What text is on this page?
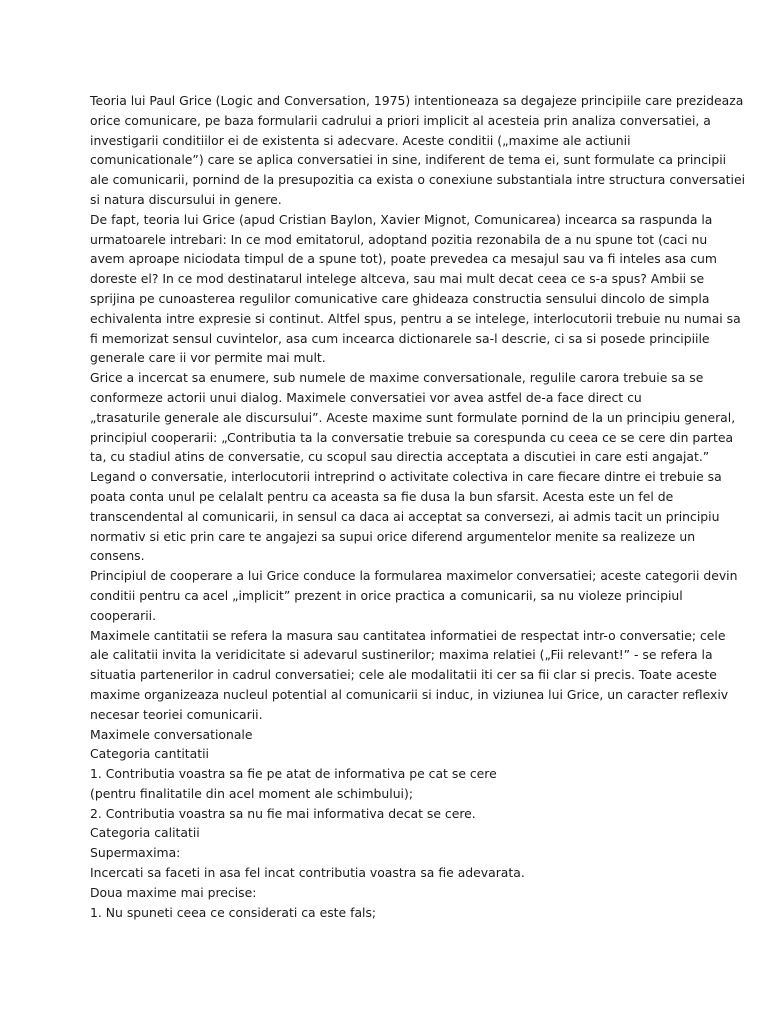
Teoria lui Paul Grice (Logic and Conversation, 1975) intentioneaza sa degajeze principiile care prezideaza
orice comunicare, pe baza formularii cadrului a priori implicit al acesteia prin analiza conversatiei, a
investigarii conditiilor ei de existenta si adecvare. Aceste conditii („maxime ale actiunii
comunicationale”) care se aplica conversatiei in sine, indiferent de tema ei, sunt formulate ca principii
ale comunicarii, pornind de la presupozitia ca exista o conexiune substantiala intre structura conversatiei
si natura discursului in genere.
De fapt, teoria lui Grice (apud Cristian Baylon, Xavier Mignot, Comunicarea) incearca sa raspunda la
urmatoarele intrebari: In ce mod emitatorul, adoptand pozitia rezonabila de a nu spune tot (caci nu
avem aproape niciodata timpul de a spune tot), poate prevedea ca mesajul sau va fi inteles asa cum
doreste el? In ce mod destinatarul intelege altceva, sau mai mult decat ceea ce s-a spus? Ambii se
sprijina pe cunoasterea regulilor comunicative care ghideaza constructia sensului dincolo de simpla
echivalenta intre expresie si continut. Altfel spus, pentru a se intelege, interlocutorii trebuie nu numai sa
fi memorizat sensul cuvintelor, asa cum incearca dictionarele sa-l descrie, ci sa si posede principiile
generale care ii vor permite mai mult.
Grice a incercat sa enumere, sub numele de maxime conversationale, regulile carora trebuie sa se
conformeze actorii unui dialog. Maximele conversatiei vor avea astfel de-a face direct cu
„trasaturile generale ale discursului”. Aceste maxime sunt formulate pornind de la un principiu general,
principiul cooperarii: „Contributia ta la conversatie trebuie sa corespunda cu ceea ce se cere din partea
ta, cu stadiul atins de conversatie, cu scopul sau directia acceptata a discutiei in care esti angajat.”
Legand o conversatie, interlocutorii intreprind o activitate colectiva in care fiecare dintre ei trebuie sa
poata conta unul pe celalalt pentru ca aceasta sa fie dusa la bun sfarsit. Acesta este un fel de
transcendental al comunicarii, in sensul ca daca ai acceptat sa conversezi, ai admis tacit un principiu
normativ si etic prin care te angajezi sa supui orice diferend argumentelor menite sa realizeze un
consens.
Principiul de cooperare a lui Grice conduce la formularea maximelor conversatiei; aceste categorii devin
conditii pentru ca acel „implicit” prezent in orice practica a comunicarii, sa nu violeze principiul
cooperarii.
Maximele cantitatii se refera la masura sau cantitatea informatiei de respectat intr-o conversatie; cele
ale calitatii invita la veridicitate si adevarul sustinerilor; maxima relatiei („Fii relevant!” - se refera la
situatia partenerilor in cadrul conversatiei; cele ale modalitatii iti cer sa fii clar si precis. Toate aceste
maxime organizeaza nucleul potential al comunicarii si induc, in viziunea lui Grice, un caracter reflexiv
necesar teoriei comunicarii.
Maximele conversationale
Categoria cantitatii
1. Contributia voastra sa fie pe atat de informativa pe cat se cere
(pentru finalitatile din acel moment ale schimbului);
2. Contributia voastra sa nu fie mai informativa decat se cere.
Categoria calitatii
Supermaxima:
Incercati sa faceti in asa fel incat contributia voastra sa fie adevarata.
Doua maxime mai precise:
1. Nu spuneti ceea ce considerati ca este fals;
